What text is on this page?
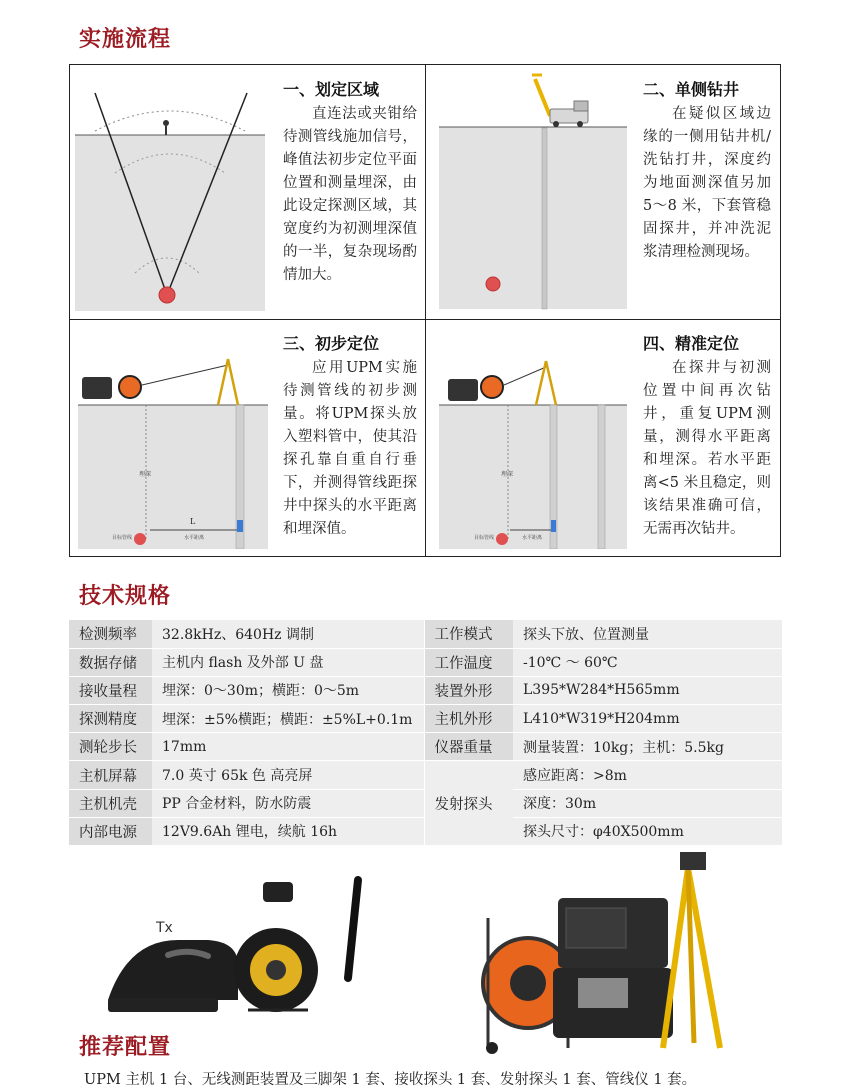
实施流程
一、划定区域
直连法或夹钳给待测管线施加信号，峰值法初步定位平面位置和测量埋深，由此设定探测区域，其宽度约为初测埋深值的一半，复杂现场酌情加大。
二、单侧钻井
在疑似区域边缘的一侧用钻井机/洗钻打井，深度约为地面测深值另加 5～8 米，下套管稳固探井，并冲洗泥浆清理检测现场。
埋深
L
目标管线	水平距离
三、初步定位
应用UPM实施待测管线的初步测量。将UPM探头放入塑料管中，使其沿探孔靠自重自行垂下，并测得管线距探井中探头的水平距离和埋深值。
埋深
目标管线	水平距离
四、精准定位
在探井与初测位置中间再次钻井，重复UPM测量，测得水平距离和埋深。若水平距离<5 米且稳定，则该结果准确可信，无需再次钻井。
技术规格
检测频率	32.8kHz、640Hz 调制	工作模式	探头下放、位置测量
数据存储	主机内 flash 及外部 U 盘	工作温度	-10℃ ～ 60℃
接收量程	埋深：0～30m；横距：0～5m	装置外形	L395*W284*H565mm
探测精度	埋深：±5%横距；横距：±5%L+0.1m	主机外形	L410*W319*H204mm
测轮步长	17mm	仪器重量	测量装置：10kg；主机：5.5kg
主机屏幕	7.0 英寸 65k 色 高亮屏	发射探头	感应距离：>8m
主机机壳	PP 合金材料，防水防震		深度：30m
内部电源	12V9.6Ah 锂电，续航 16h		探头尺寸：φ40X500mm
Tx
推荐配置
UPM 主机 1 台、无线测距装置及三脚架 1 套、接收探头 1 套、发射探头 1 套、管线仪 1 套。
